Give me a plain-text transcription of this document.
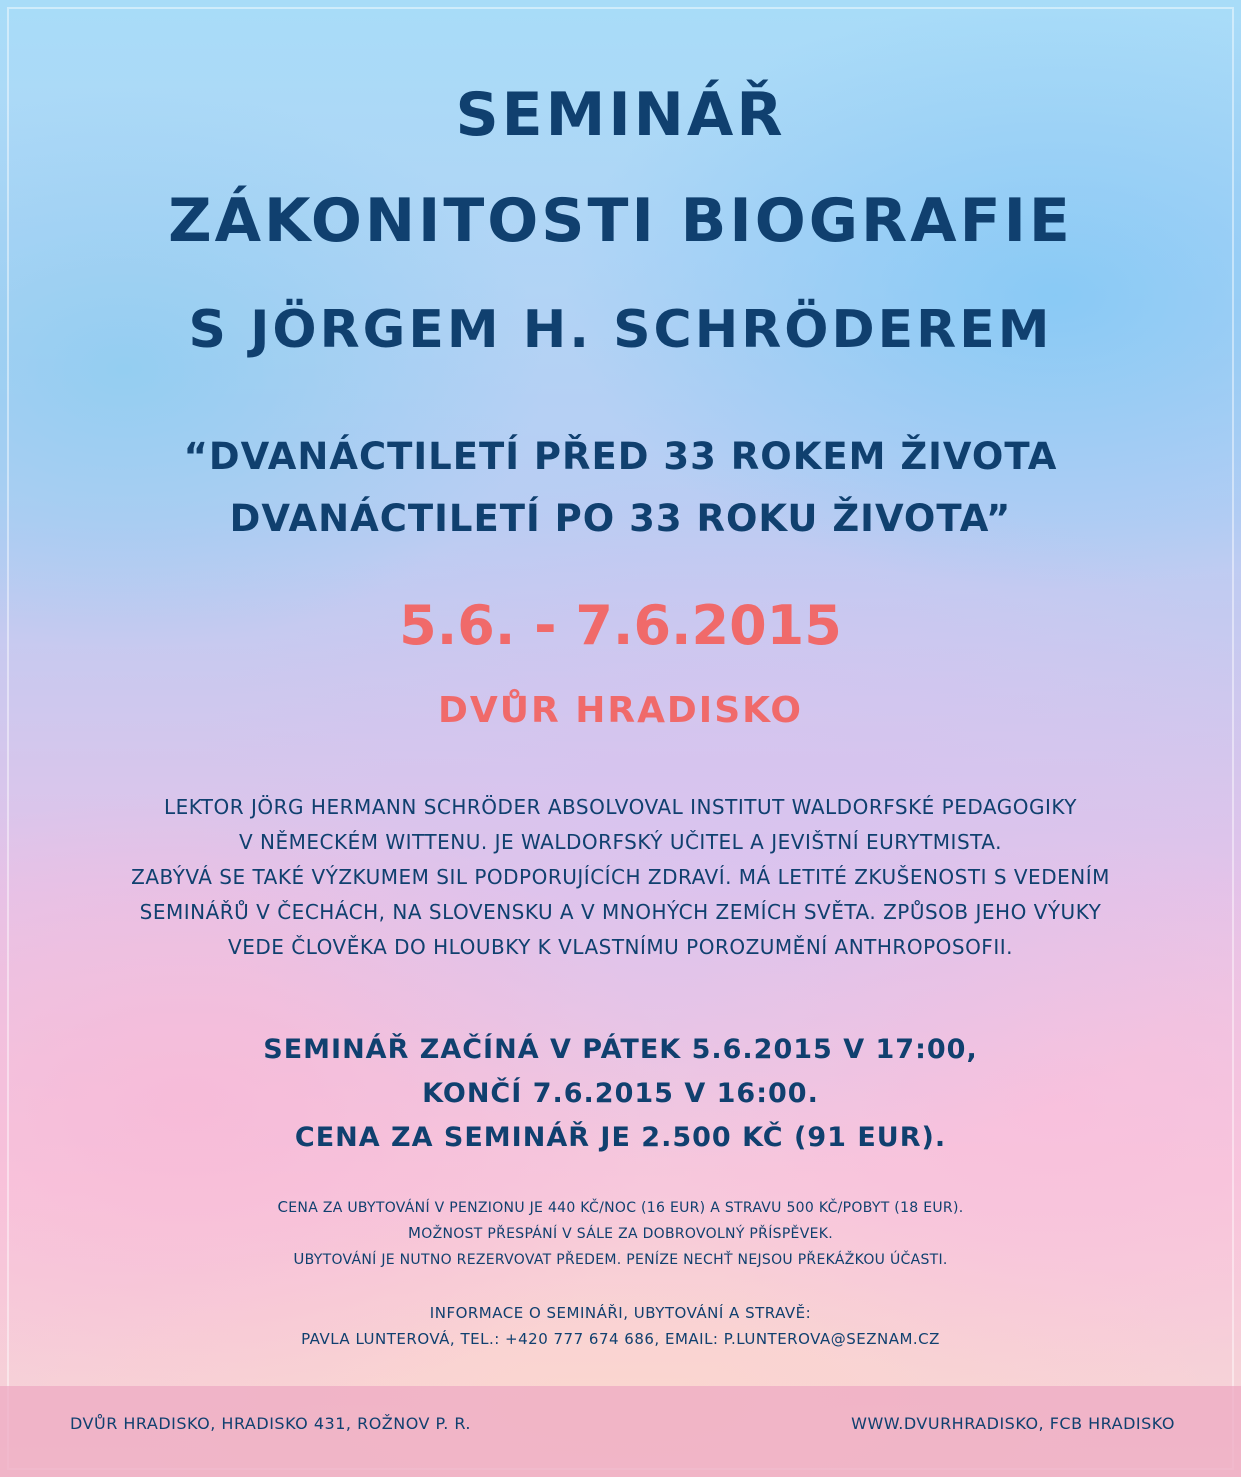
SEMINÁŘ
ZÁKONITOSTI BIOGRAFIE
S JÖRGEM H. SCHRÖDEREM
“DVANÁCTILETÍ PŘED 33 ROKEM ŽIVOTA
DVANÁCTILETÍ PO 33 ROKU ŽIVOTA”
5.6. - 7.6.2015
DVŮR HRADISKO
LEKTOR JÖRG HERMANN SCHRÖDER ABSOLVOVAL INSTITUT WALDORFSKÉ PEDAGOGIKY
V NĚMECKÉM WITTENU. JE WALDORFSKÝ UČITEL A JEVIŠTNÍ EURYTMISTA.
ZABÝVÁ SE TAKÉ VÝZKUMEM SIL PODPORUJÍCÍCH ZDRAVÍ. MÁ LETITÉ ZKUŠENOSTI S VEDENÍM
SEMINÁŘŮ V ČECHÁCH, NA SLOVENSKU A V MNOHÝCH ZEMÍCH SVĚTA. ZPŮSOB JEHO VÝUKY
VEDE ČLOVĚKA DO HLOUBKY K VLASTNÍMU POROZUMĚNÍ ANTHROPOSOFII.
SEMINÁŘ ZAČÍNÁ V PÁTEK 5.6.2015 V 17:00,
KONČÍ 7.6.2015 V 16:00.
CENA ZA SEMINÁŘ JE 2.500 KČ (91 EUR).
CENA ZA UBYTOVÁNÍ V PENZIONU JE 440 KČ/NOC (16 EUR) A STRAVU 500 KČ/POBYT (18 EUR).
MOŽNOST PŘESPÁNÍ V SÁLE ZA DOBROVOLNÝ PŘÍSPĚVEK.
UBYTOVÁNÍ JE NUTNO REZERVOVAT PŘEDEM. PENÍZE NECHŤ NEJSOU PŘEKÁŽKOU ÚČASTI.
INFORMACE O SEMINÁŘI, UBYTOVÁNÍ A STRAVĚ:
PAVLA LUNTEROVÁ, TEL.: +420 777 674 686, EMAIL: P.LUNTEROVA@SEZNAM.CZ
DVŮR HRADISKO, HRADISKO 431, ROŽNOV P. R.	WWW.DVURHRADISKO, FCB HRADISKO
